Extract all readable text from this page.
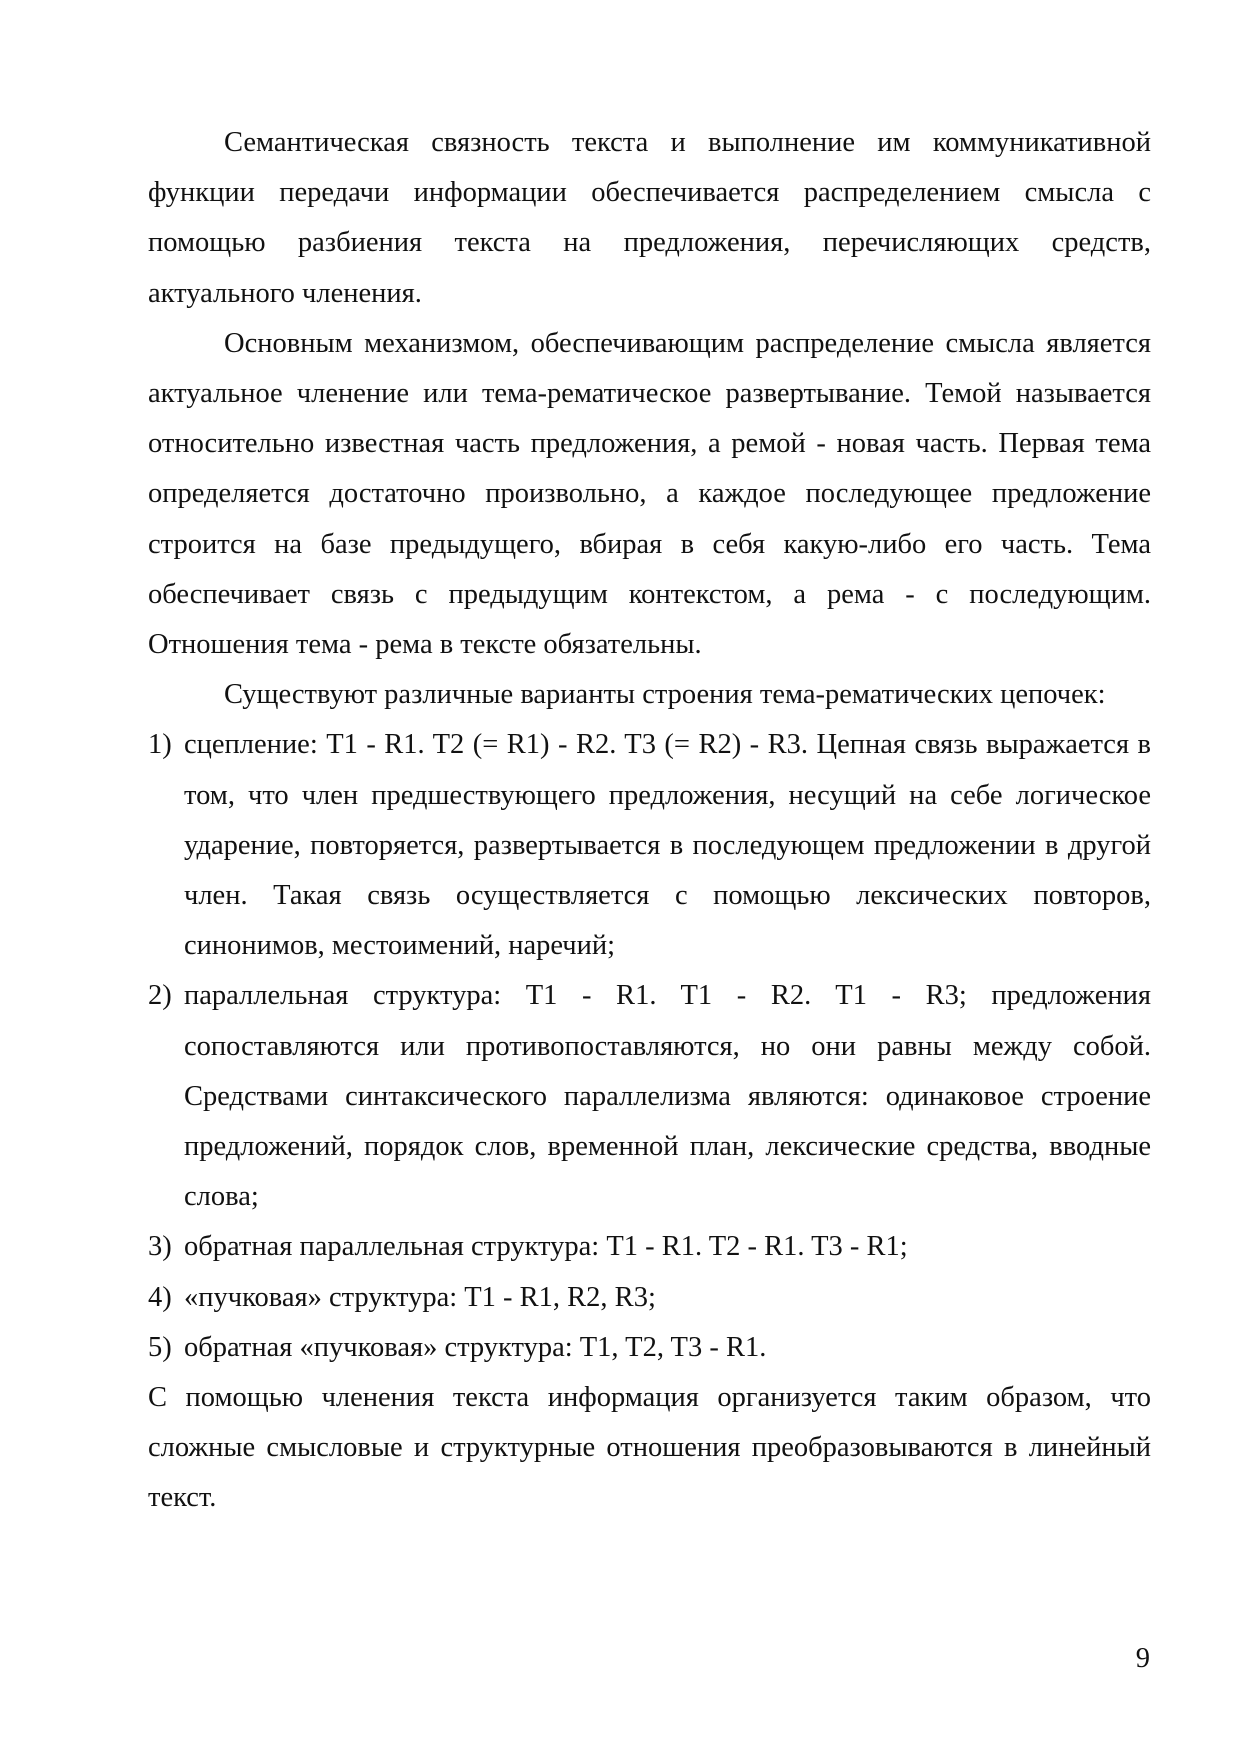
Семантическая связность текста и выполнение им коммуникативной функции передачи информации обеспечивается распределением смысла с помощью разбиения текста на предложения, перечисляющих средств, актуального членения.

Основным механизмом, обеспечивающим распределение смысла является актуальное членение или тема-рематическое развертывание. Темой называется относительно известная часть предложения, а ремой - новая часть. Первая тема определяется достаточно произвольно, а каждое последующее предложение строится на базе предыдущего, вбирая в себя какую-либо его часть. Тема обеспечивает связь с предыдущим контекстом, а рема - с последующим. Отношения тема - рема в тексте обязательны.

Существуют различные варианты строения тема-рематических цепочек:

1) сцепление: T1 - R1. T2 (= R1) - R2. T3 (= R2) - R3. Цепная связь выражается в том, что член предшествующего предложения, несущий на себе логическое ударение, повторяется, развертывается в последующем предложении в другой член. Такая связь осуществляется с помощью лексических повторов, синонимов, местоимений, наречий;
2) параллельная структура: T1 - R1. T1 - R2. T1 - R3; предложения сопоставляются или противопоставляются, но они равны между собой. Средствами синтаксического параллелизма являются: одинаковое строение предложений, порядок слов, временной план, лексические средства, вводные слова;
3) обратная параллельная структура: T1 - R1. T2 - R1. T3 - R1;
4) «пучковая» структура: T1 - R1, R2, R3;
5) обратная «пучковая» структура: T1, T2, T3 - R1.

С помощью членения текста информация организуется таким образом, что сложные смысловые и структурные отношения преобразовываются в линейный текст.

9
